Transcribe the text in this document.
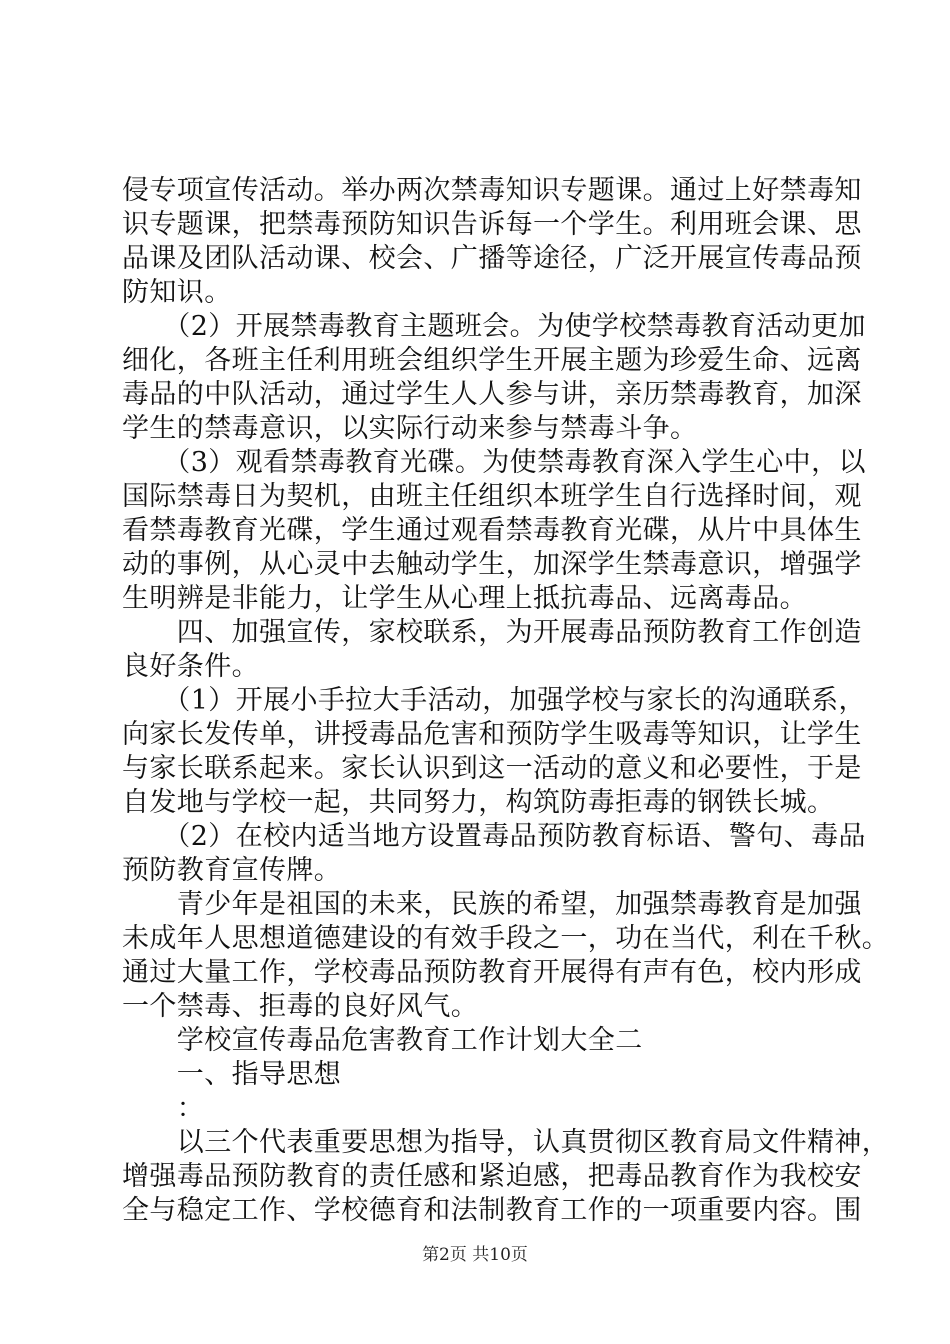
侵专项宣传活动。举办两次禁毒知识专题课。通过上好禁毒知
识专题课，把禁毒预防知识告诉每一个学生。利用班会课、思
品课及团队活动课、校会、广播等途径，广泛开展宣传毒品预
防知识。
　　（2）开展禁毒教育主题班会。为使学校禁毒教育活动更加
细化，各班主任利用班会组织学生开展主题为珍爱生命、远离
毒品的中队活动，通过学生人人参与讲，亲历禁毒教育，加深
学生的禁毒意识，以实际行动来参与禁毒斗争。
　　（3）观看禁毒教育光碟。为使禁毒教育深入学生心中，以
国际禁毒日为契机，由班主任组织本班学生自行选择时间，观
看禁毒教育光碟，学生通过观看禁毒教育光碟，从片中具体生
动的事例，从心灵中去触动学生，加深学生禁毒意识，增强学
生明辨是非能力，让学生从心理上抵抗毒品、远离毒品。
　　四、加强宣传，家校联系，为开展毒品预防教育工作创造
良好条件。
　　（1）开展小手拉大手活动，加强学校与家长的沟通联系，
向家长发传单，讲授毒品危害和预防学生吸毒等知识，让学生
与家长联系起来。家长认识到这一活动的意义和必要性，于是
自发地与学校一起，共同努力，构筑防毒拒毒的钢铁长城。
　　（2）在校内适当地方设置毒品预防教育标语、警句、毒品
预防教育宣传牌。
　　青少年是祖国的未来，民族的希望，加强禁毒教育是加强
未成年人思想道德建设的有效手段之一，功在当代，利在千秋。
通过大量工作，学校毒品预防教育开展得有声有色，校内形成
一个禁毒、拒毒的良好风气。
　　学校宣传毒品危害教育工作计划大全二
　　一、指导思想
　　：
　　以三个代表重要思想为指导，认真贯彻区教育局文件精神，
增强毒品预防教育的责任感和紧迫感，把毒品教育作为我校安
全与稳定工作、学校德育和法制教育工作的一项重要内容。围
第2页 共10页
